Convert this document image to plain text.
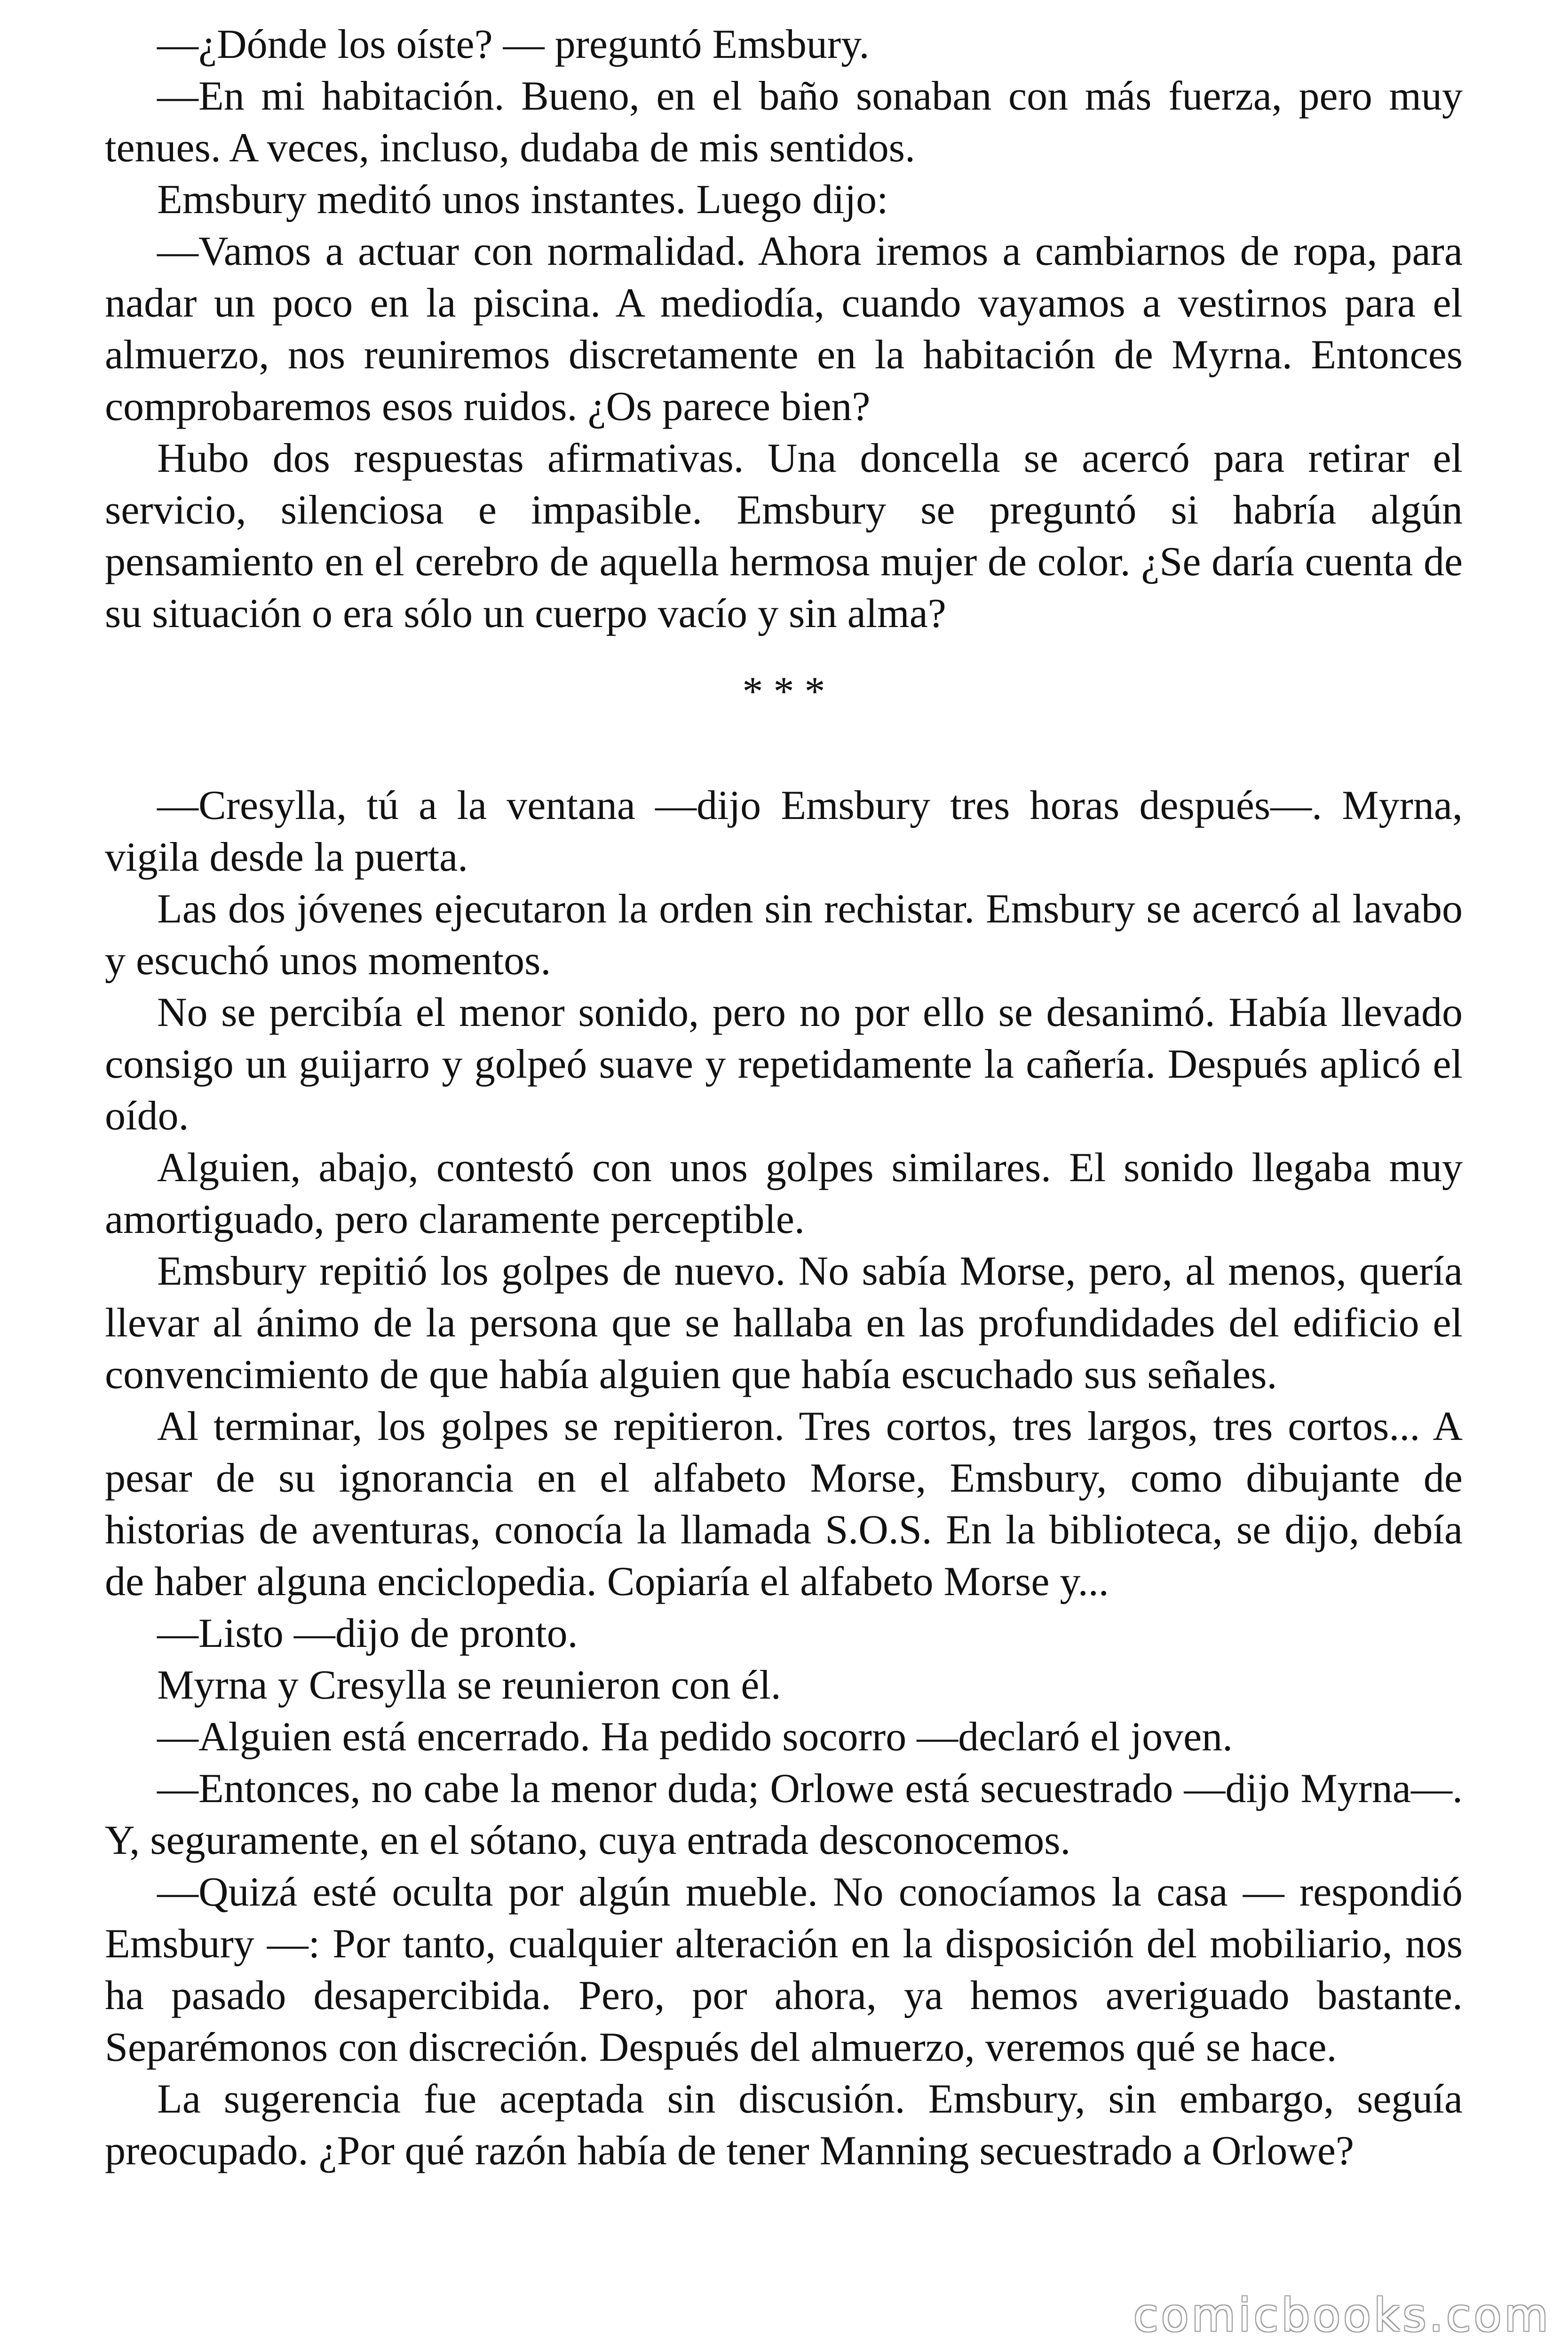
—¿Dónde los oíste? — preguntó Emsbury.

—En mi habitación. Bueno, en el baño sonaban con más fuerza, pero muy tenues. A veces, incluso, dudaba de mis sentidos.

Emsbury meditó unos instantes. Luego dijo:

—Vamos a actuar con normalidad. Ahora iremos a cambiarnos de ropa, para nadar un poco en la piscina. A mediodía, cuando vayamos a vestirnos para el almuerzo, nos reuniremos discretamente en la habitación de Myrna. Entonces comprobaremos esos ruidos. ¿Os parece bien?

Hubo dos respuestas afirmativas. Una doncella se acercó para retirar el servicio, silenciosa e impasible. Emsbury se preguntó si habría algún pensamiento en el cerebro de aquella hermosa mujer de color. ¿Se daría cuenta de su situación o era sólo un cuerpo vacío y sin alma?

* * *

—Cresylla, tú a la ventana —dijo Emsbury tres horas después—. Myrna, vigila desde la puerta.

Las dos jóvenes ejecutaron la orden sin rechistar. Emsbury se acercó al lavabo y escuchó unos momentos.

No se percibía el menor sonido, pero no por ello se desanimó. Había llevado consigo un guijarro y golpeó suave y repetidamente la cañería. Después aplicó el oído.

Alguien, abajo, contestó con unos golpes similares. El sonido llegaba muy amortiguado, pero claramente perceptible.

Emsbury repitió los golpes de nuevo. No sabía Morse, pero, al menos, quería llevar al ánimo de la persona que se hallaba en las profundidades del edificio el convencimiento de que había alguien que había escuchado sus señales.

Al terminar, los golpes se repitieron. Tres cortos, tres largos, tres cortos... A pesar de su ignorancia en el alfabeto Morse, Emsbury, como dibujante de historias de aventuras, conocía la llamada S.O.S. En la biblioteca, se dijo, debía de haber alguna enciclopedia. Copiaría el alfabeto Morse y...

—Listo —dijo de pronto.

Myrna y Cresylla se reunieron con él.

—Alguien está encerrado. Ha pedido socorro —declaró el joven.

—Entonces, no cabe la menor duda; Orlowe está secuestrado —dijo Myrna—. Y, seguramente, en el sótano, cuya entrada desconocemos.

—Quizá esté oculta por algún mueble. No conocíamos la casa — respondió Emsbury —: Por tanto, cualquier alteración en la disposición del mobiliario, nos ha pasado desapercibida. Pero, por ahora, ya hemos averiguado bastante. Separémonos con discreción. Después del almuerzo, veremos qué se hace.

La sugerencia fue aceptada sin discusión. Emsbury, sin embargo, seguía preocupado. ¿Por qué razón había de tener Manning secuestrado a Orlowe?

comicbooks.com
